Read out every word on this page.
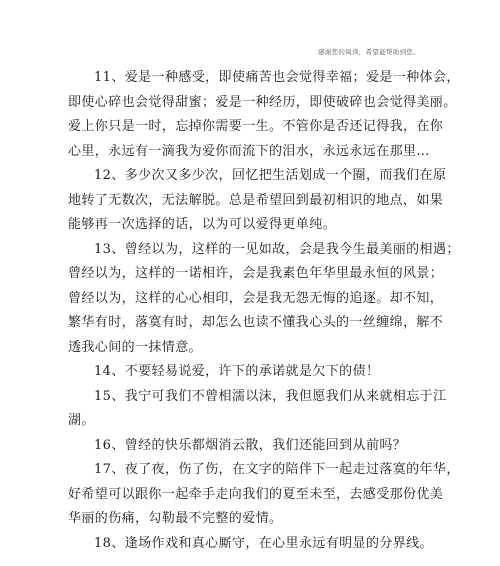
感谢您的阅读，希望能帮助到您。
11、爱是一种感受，即使痛苦也会觉得幸福；爱是一种体会，
即使心碎也会觉得甜蜜；爱是一种经历，即使破碎也会觉得美丽。
爱上你只是一时，忘掉你需要一生。不管你是否还记得我，在你
心里，永远有一滴我为爱你而流下的泪水，永远永远在那里…
12、多少次又多少次，回忆把生活划成一个圈，而我们在原
地转了无数次，无法解脱。总是希望回到最初相识的地点，如果
能够再一次选择的话，以为可以爱得更单纯。
13、曾经以为，这样的一见如故，会是我今生最美丽的相遇；
曾经以为，这样的一诺相许，会是我素色年华里最永恒的风景；
曾经以为，这样的心心相印，会是我无怨无悔的追逐。却不知，
繁华有时，落寞有时，却怎么也读不懂我心头的一丝缠绵，解不
透我心间的一抹情意。
14、不要轻易说爱，许下的承诺就是欠下的债！
15、我宁可我们不曾相濡以沫，我但愿我们从来就相忘于江
湖。
16、曾经的快乐都烟消云散，我们还能回到从前吗？
17、夜了夜，伤了伤，在文字的陪伴下一起走过落寞的年华，
好希望可以跟你一起牵手走向我们的夏至未至，去感受那份优美
华丽的伤痛，勾勒最不完整的爱情。
18、逢场作戏和真心厮守，在心里永远有明显的分界线。
